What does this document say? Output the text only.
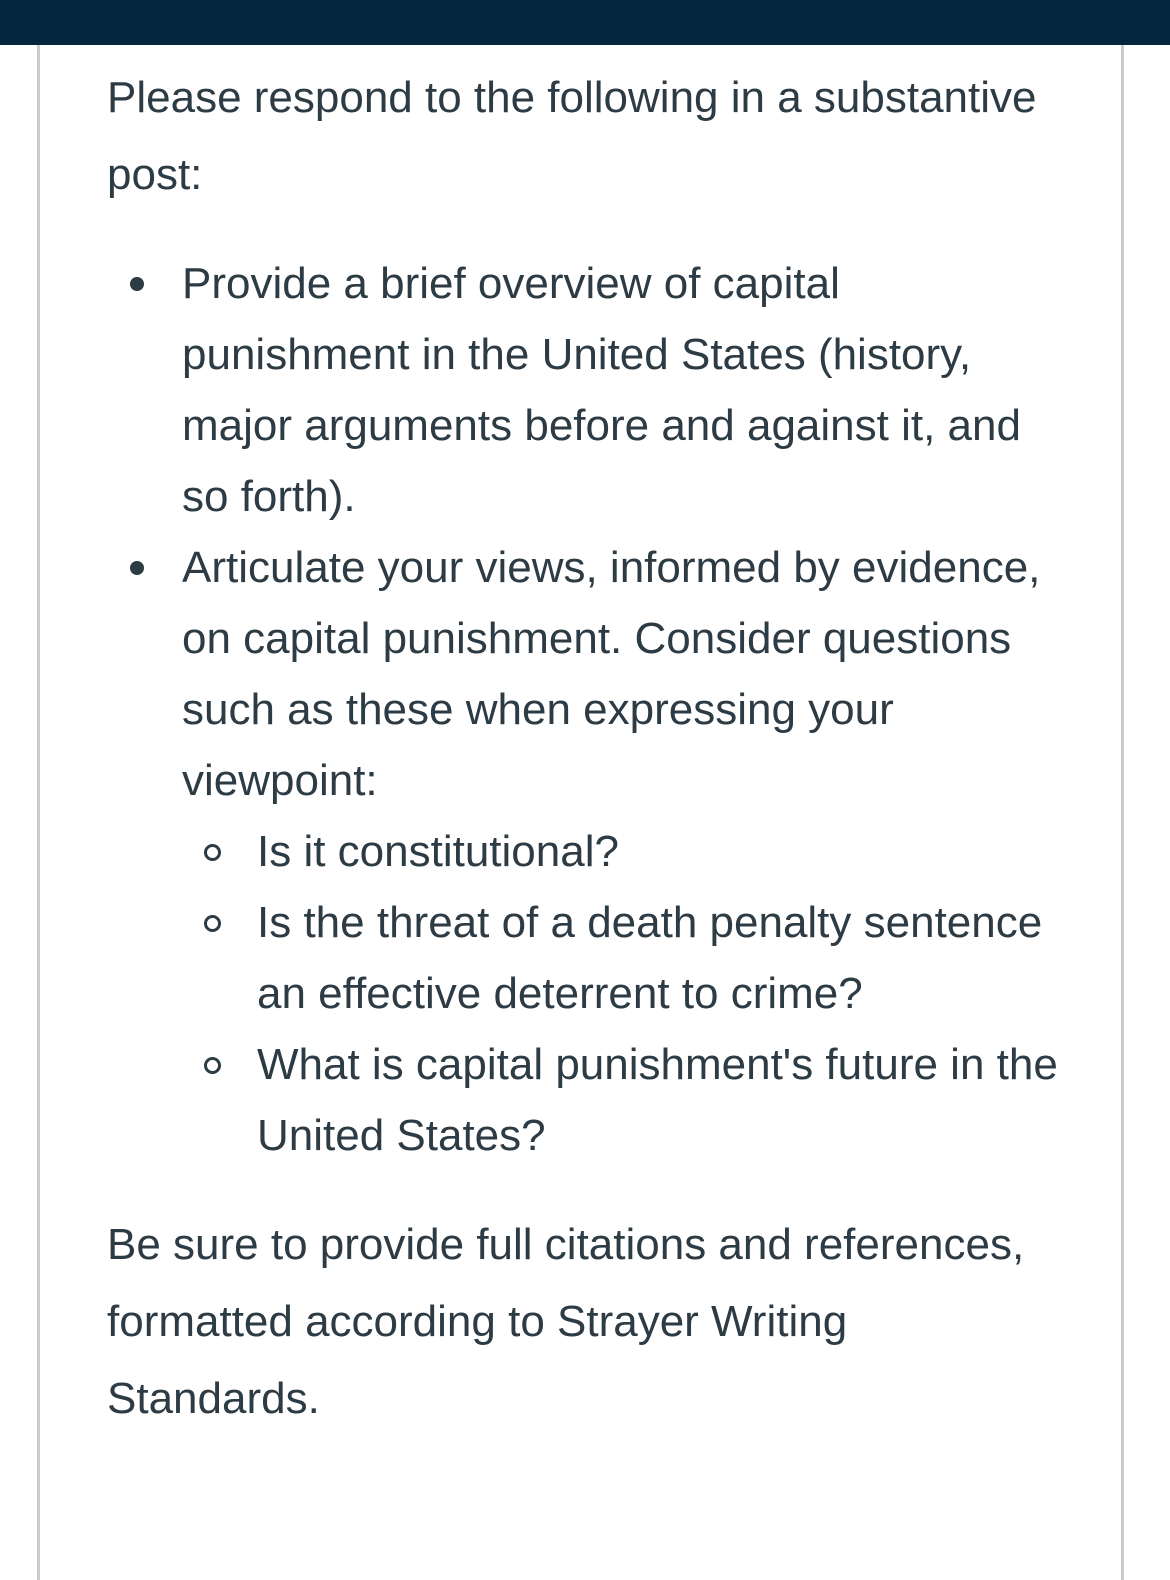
Please respond to the following in a substantive post:

Provide a brief overview of capital punishment in the United States (history, major arguments before and against it, and so forth).
Articulate your views, informed by evidence, on capital punishment. Consider questions such as these when expressing your viewpoint:
Is it constitutional?
Is the threat of a death penalty sentence an effective deterrent to crime?
What is capital punishment's future in the United States?

Be sure to provide full citations and references, formatted according to Strayer Writing Standards.
